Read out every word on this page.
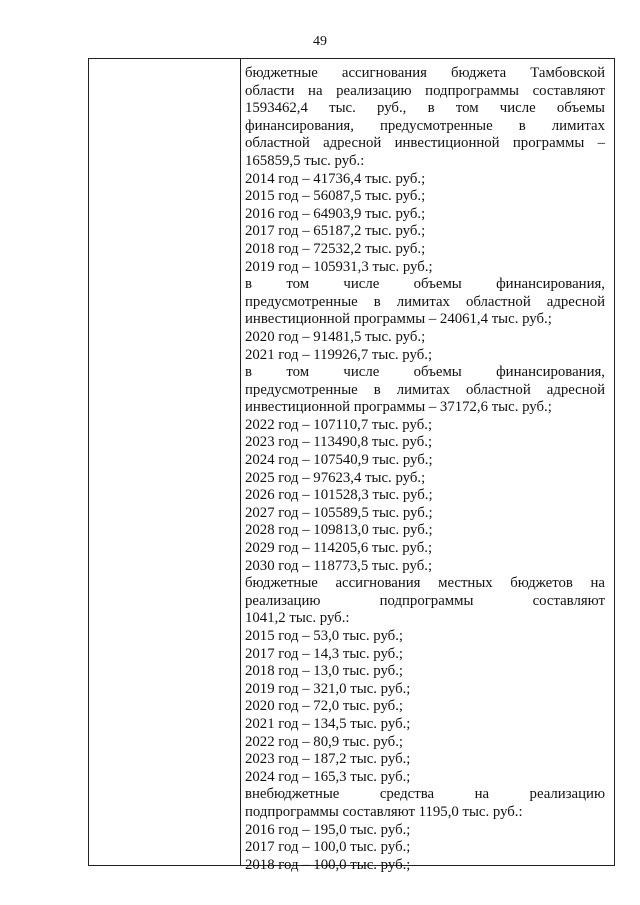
49
бюджетные ассигнования бюджета Тамбовской
области на реализацию подпрограммы составляют
1593462,4 тыс. руб., в том числе объемы
финансирования, предусмотренные в лимитах
областной адресной инвестиционной программы –
165859,5 тыс. руб.:
2014 год – 41736,4 тыс. руб.;
2015 год – 56087,5 тыс. руб.;
2016 год – 64903,9 тыс. руб.;
2017 год – 65187,2 тыс. руб.;
2018 год – 72532,2 тыс. руб.;
2019 год – 105931,3 тыс. руб.;
в том числе объемы финансирования,
предусмотренные в лимитах областной адресной
инвестиционной программы – 24061,4 тыс. руб.;
2020 год – 91481,5 тыс. руб.;
2021 год – 119926,7 тыс. руб.;
в том числе объемы финансирования,
предусмотренные в лимитах областной адресной
инвестиционной программы – 37172,6 тыс. руб.;
2022 год – 107110,7 тыс. руб.;
2023 год – 113490,8 тыс. руб.;
2024 год – 107540,9 тыс. руб.;
2025 год – 97623,4 тыс. руб.;
2026 год – 101528,3 тыс. руб.;
2027 год – 105589,5 тыс. руб.;
2028 год – 109813,0 тыс. руб.;
2029 год – 114205,6 тыс. руб.;
2030 год – 118773,5 тыс. руб.;
бюджетные ассигнования местных бюджетов на
реализацию подпрограммы составляют
1041,2 тыс. руб.:
2015 год – 53,0 тыс. руб.;
2017 год – 14,3 тыс. руб.;
2018 год – 13,0 тыс. руб.;
2019 год – 321,0 тыс. руб.;
2020 год – 72,0 тыс. руб.;
2021 год – 134,5 тыс. руб.;
2022 год – 80,9 тыс. руб.;
2023 год – 187,2 тыс. руб.;
2024 год – 165,3 тыс. руб.;
внебюджетные средства на реализацию
подпрограммы составляют 1195,0 тыс. руб.:
2016 год – 195,0 тыс. руб.;
2017 год – 100,0 тыс. руб.;
2018 год – 100,0 тыс. руб.;
